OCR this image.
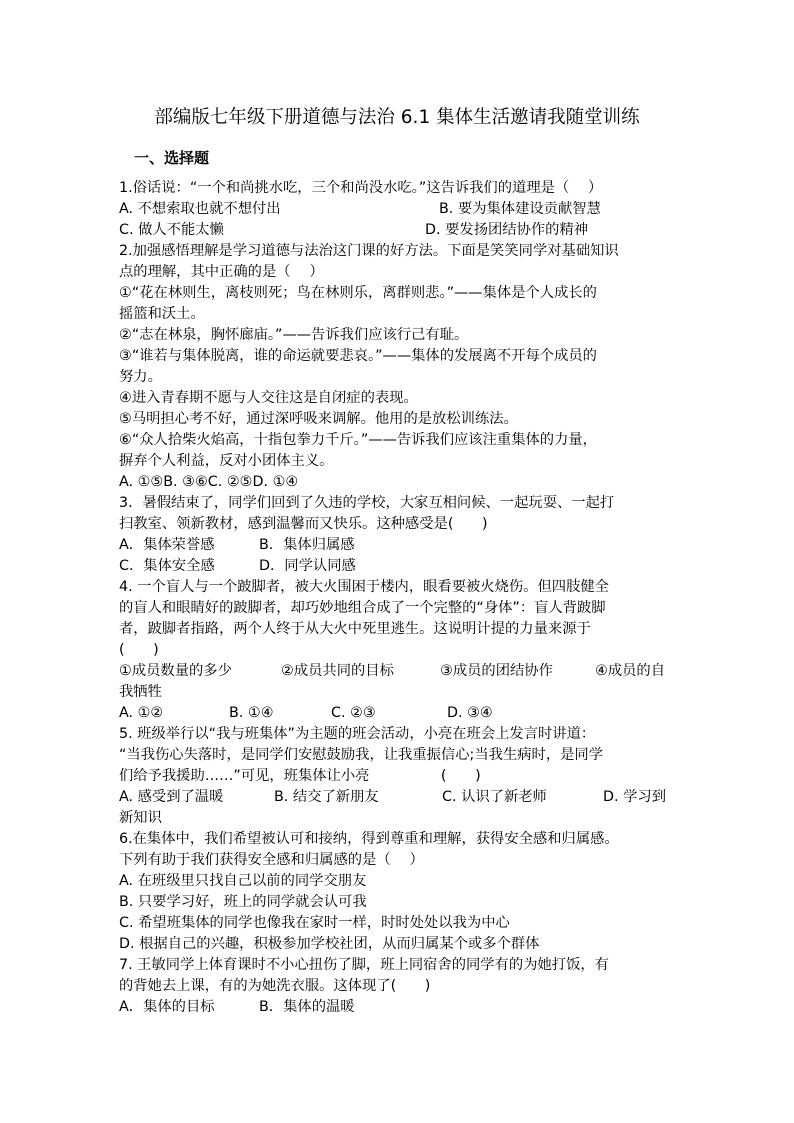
部编版七年级下册道德与法治 6.1 集体生活邀请我随堂训练
一、选择题

1.俗话说：“一个和尚挑水吃，三个和尚没水吃。”这告诉我们的道理是（　 ）

2.加强感悟理解是学习道德与法治这门课的好方法。下面是笑笑同学对基础知识

点的理解，其中正确的是（　 ）

①“花在林则生，离枝则死；鸟在林则乐，离群则悲。”——集体是个人成长的

摇篮和沃土。

②“志在林泉，胸怀廊庙。”——告诉我们应该行己有耻。

③“谁若与集体脱离，谁的命运就要悲哀。”——集体的发展离不开每个成员的

努力。

④进入青春期不愿与人交往这是自闭症的表现。

⑤马明担心考不好，通过深呼吸来调解。他用的是放松训练法。

⑥“众人拾柴火焰高，十指包拳力千斤。”——告诉我们应该注重集体的力量，

摒弃个人利益，反对小团体主义。

A. ①⑤B. ③⑥C. ②⑤D. ①④

3．暑假结束了，同学们回到了久违的学校，大家互相问候、一起玩耍、一起打

扫教室、领新教材，感到温馨而又快乐。这种感受是(　　)

4. 一个盲人与一个跛脚者，被大火围困于楼内，眼看要被火烧伤。但四肢健全

的盲人和眼睛好的跛脚者，却巧妙地组合成了一个完整的“身体”：盲人背跛脚

者，跛脚者指路，两个人终于从大火中死里逃生。这说明计提的力量来源于

(　　)

我牺牲

5. 班级举行以“我与班集体”为主题的班会活动，小亮在班会上发言时讲道：

“当我伤心失落时，是同学们安慰鼓励我，让我重振信心;当我生病时，是同学

们给予我援助……”可见，班集体让小亮　　　　　(　　)

新知识

6.在集体中，我们希望被认可和接纳，得到尊重和理解，获得安全感和归属感。

下列有助于我们获得安全感和归属感的是（　 ）

A. 在班级里只找自己以前的同学交朋友

B. 只要学习好，班上的同学就会认可我

C. 希望班集体的同学也像我在家时一样，时时处处以我为中心

D. 根据自己的兴趣，积极参加学校社团，从而归属某个或多个群体

7. 王敏同学上体育课时不小心扭伤了脚，班上同宿舍的同学有的为她打饭，有

的背她去上课，有的为她洗衣服。这体现了(　　)

A. 不想索取也就不想付出	B. 要为集体建设贡献智慧
C. 做人不能太懒	D. 要发扬团结协作的精神
A．集体荣誉感	B．集体归属感
C．集体安全感	D．同学认同感
①成员数量的多少	②成员共同的目标	③成员的团结协作	④成员的自
A. ①②	B. ①④	C. ②③	D. ③④
A. 感受到了温暖	B. 结交了新朋友	C. 认识了新老师	D. 学习到
A．集体的目标	B．集体的温暖
